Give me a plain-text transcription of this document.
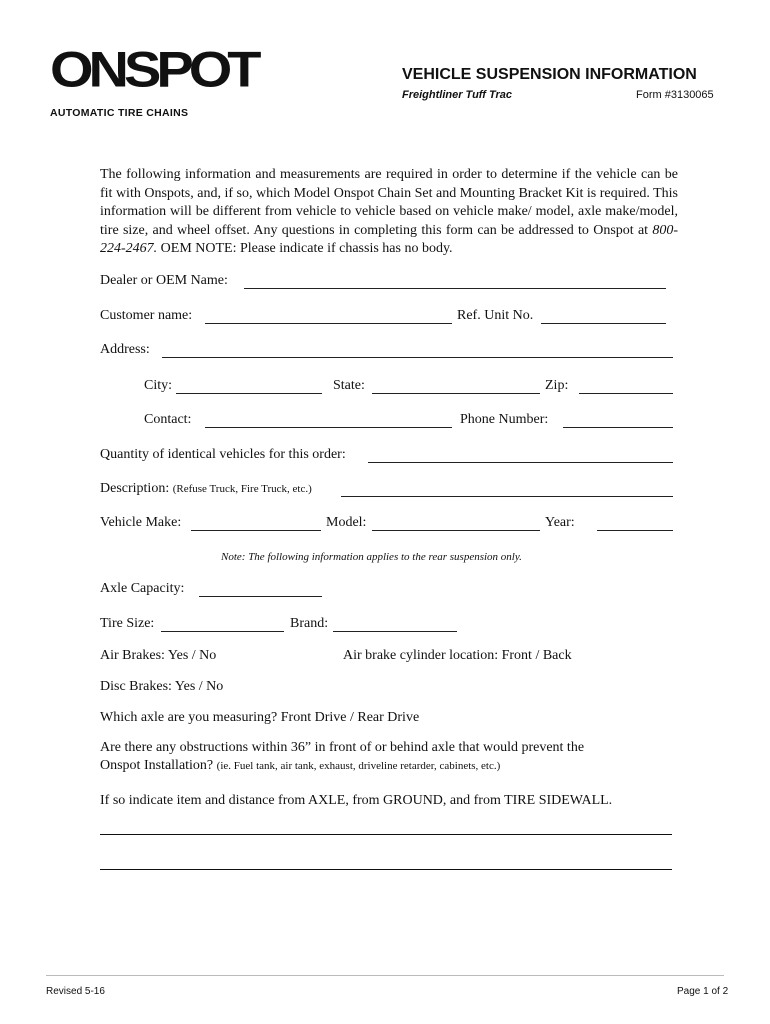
ONSPOT
AUTOMATIC TIRE CHAINS
VEHICLE SUSPENSION INFORMATION
Freightliner Tuff Trac	Form #3130065
The following information and measurements are required in order to determine if the vehicle can be fit with Onspots, and, if so, which Model Onspot Chain Set and Mounting Bracket Kit is required. This information will be different from vehicle to vehicle based on vehicle make/ model, axle make/model, tire size, and wheel offset. Any questions in completing this form can be addressed to Onspot at 800-224-2467. OEM NOTE: Please indicate if chassis has no body.
Dealer or OEM Name:
Customer name:	Ref. Unit No.
Address:
City:	State:	Zip:
Contact:	Phone Number:
Quantity of identical vehicles for this order:
Description: (Refuse Truck, Fire Truck, etc.)
Vehicle Make:	Model:	Year:
Note: The following information applies to the rear suspension only.
Axle Capacity:
Tire Size:	Brand:
Air Brakes: Yes / No	Air brake cylinder location: Front / Back
Disc Brakes: Yes / No
Which axle are you measuring? Front Drive / Rear Drive
Are there any obstructions within 36” in front of or behind axle that would prevent the
Onspot Installation? (ie. Fuel tank, air tank, exhaust, driveline retarder, cabinets, etc.)
If so indicate item and distance from AXLE, from GROUND, and from TIRE SIDEWALL.
Revised 5-16	Page 1 of 2
